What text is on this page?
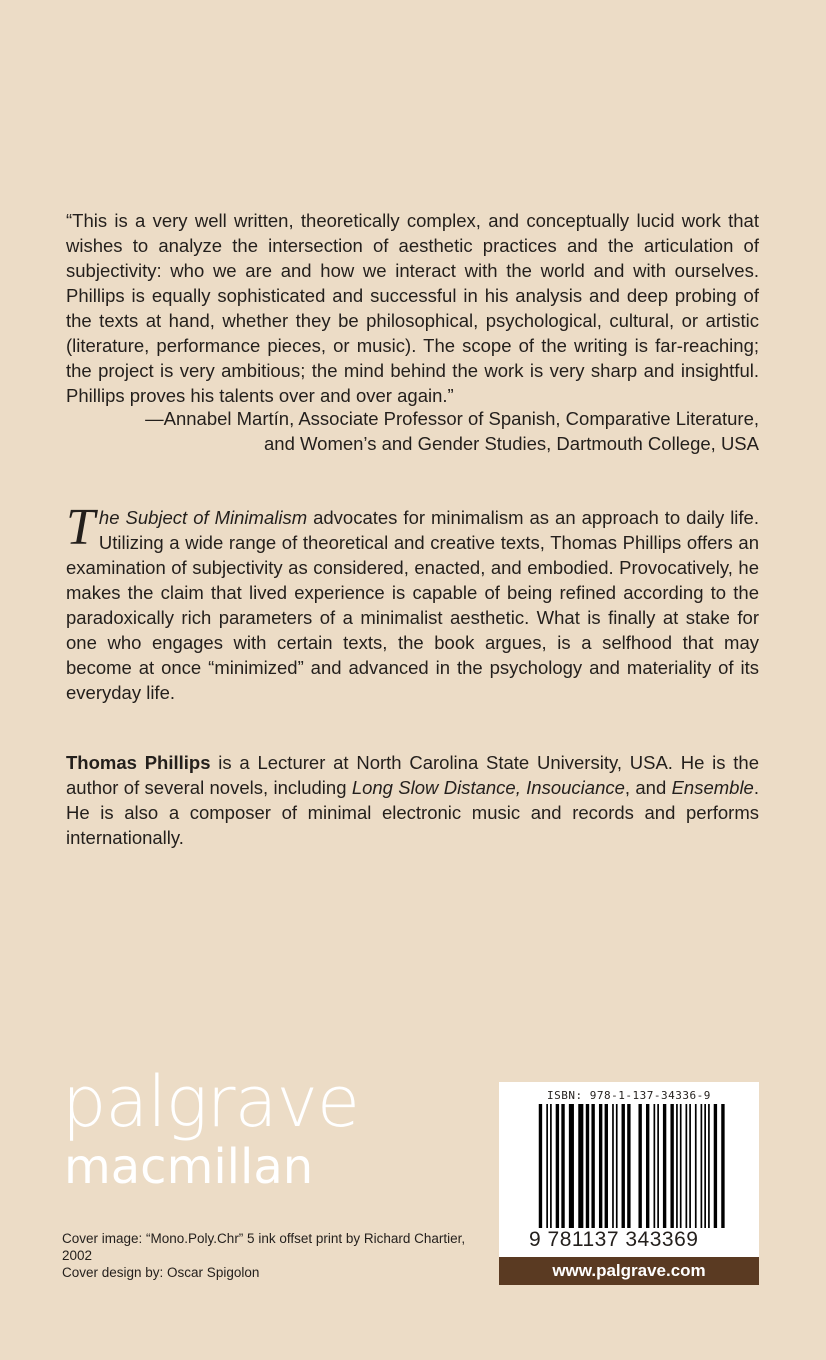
“This is a very well written, theoretically complex, and conceptually lucid work that wishes to analyze the intersection of aesthetic practices and the articulation of subjectivity: who we are and how we interact with the world and with ourselves. Phillips is equally sophisticated and successful in his analysis and deep probing of the texts at hand, whether they be philosophical, psychological, cultural, or artistic (literature, performance pieces, or music). The scope of the writing is far-reaching; the project is very ambitious; the mind behind the work is very sharp and insightful. Phillips proves his talents over and over again.”
—Annabel Martín, Associate Professor of Spanish, Comparative Literature,
and Women’s and Gender Studies, Dartmouth College, USA
The Subject of Minimalism advocates for minimalism as an approach to daily life. Utilizing a wide range of theoretical and creative texts, Thomas Phillips offers an examination of subjectivity as considered, enacted, and embodied. Provocatively, he makes the claim that lived experience is capable of being refined according to the paradoxically rich parameters of a minimalist aesthetic. What is finally at stake for one who engages with certain texts, the book argues, is a selfhood that may become at once “minimized” and advanced in the psychology and materiality of its everyday life.
Thomas Phillips is a Lecturer at North Carolina State University, USA. He is the author of several novels, including Long Slow Distance, Insouciance, and Ensemble. He is also a composer of minimal electronic music and records and performs internationally.
palgrave
macmillan
Cover image: “Mono.Poly.Chr” 5 ink offset print by Richard Chartier, 2002
Cover design by: Oscar Spigolon
ISBN: 978-1-137-34336-9
9 781137 343369
www.palgrave.com
